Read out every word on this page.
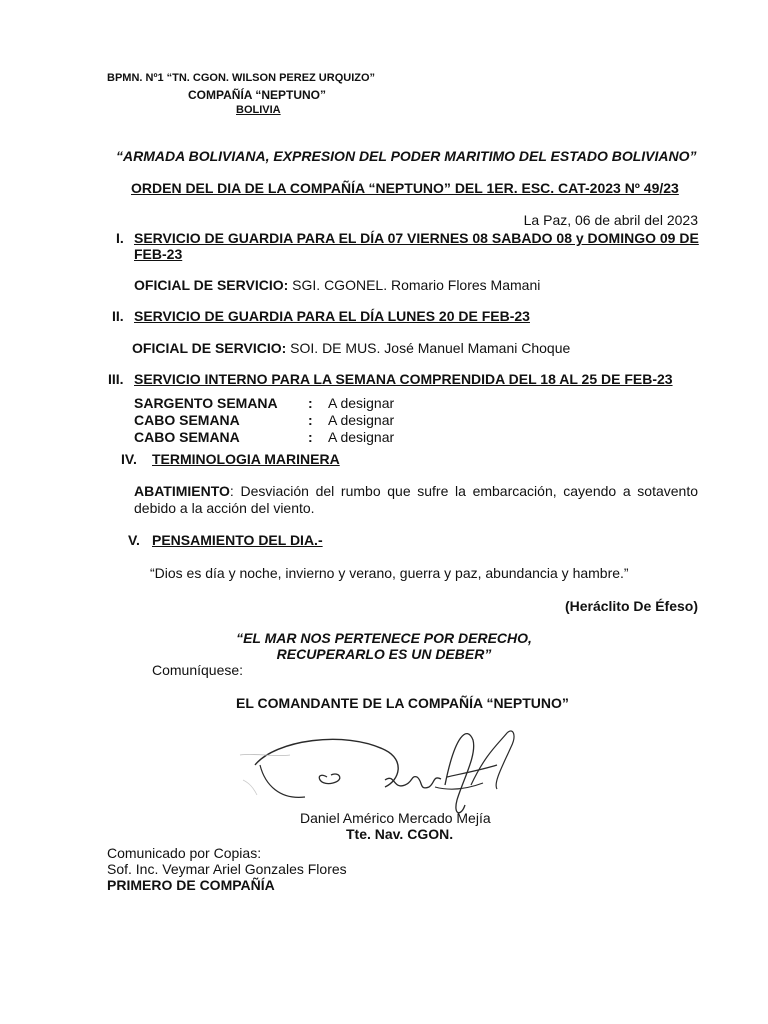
BPMN. Nº1 “TN. CGON. WILSON PEREZ URQUIZO”
COMPAÑÍA “NEPTUNO”
BOLIVIA
“ARMADA BOLIVIANA, EXPRESION DEL PODER MARITIMO DEL ESTADO BOLIVIANO”
ORDEN DEL DIA DE LA COMPAÑÍA “NEPTUNO” DEL 1ER. ESC. CAT-2023 Nº 49/23
La Paz, 06 de abril del 2023
I. SERVICIO DE GUARDIA PARA EL DÍA 07 VIERNES 08 SABADO 08 y DOMINGO 09 DE
FEB-23
OFICIAL DE SERVICIO: SGI. CGONEL. Romario Flores Mamani
II. SERVICIO DE GUARDIA PARA EL DÍA LUNES 20 DE FEB-23
OFICIAL DE SERVICIO: SOI. DE MUS. José Manuel Mamani Choque
III. SERVICIO INTERNO PARA LA SEMANA COMPRENDIDA DEL 18 AL 25 DE FEB-23
SARGENTO SEMANA : A designar
CABO SEMANA	: A designar
CABO SEMANA	: A designar
IV. TERMINOLOGIA MARINERA
ABATIMIENTO: Desviación del rumbo que sufre la embarcación, cayendo a sotavento debido a la acción del viento.
V. PENSAMIENTO DEL DIA.-
“Dios es día y noche, invierno y verano, guerra y paz, abundancia y hambre.”
(Heráclito De Éfeso)
“EL MAR NOS PERTENECE POR DERECHO,
RECUPERARLO ES UN DEBER”
Comuníquese:
EL COMANDANTE DE LA COMPAÑÍA “NEPTUNO”
Daniel Américo Mercado Mejía
Tte. Nav. CGON.
Comunicado por Copias:
Sof. Inc. Veymar Ariel Gonzales Flores
PRIMERO DE COMPAÑÍA
